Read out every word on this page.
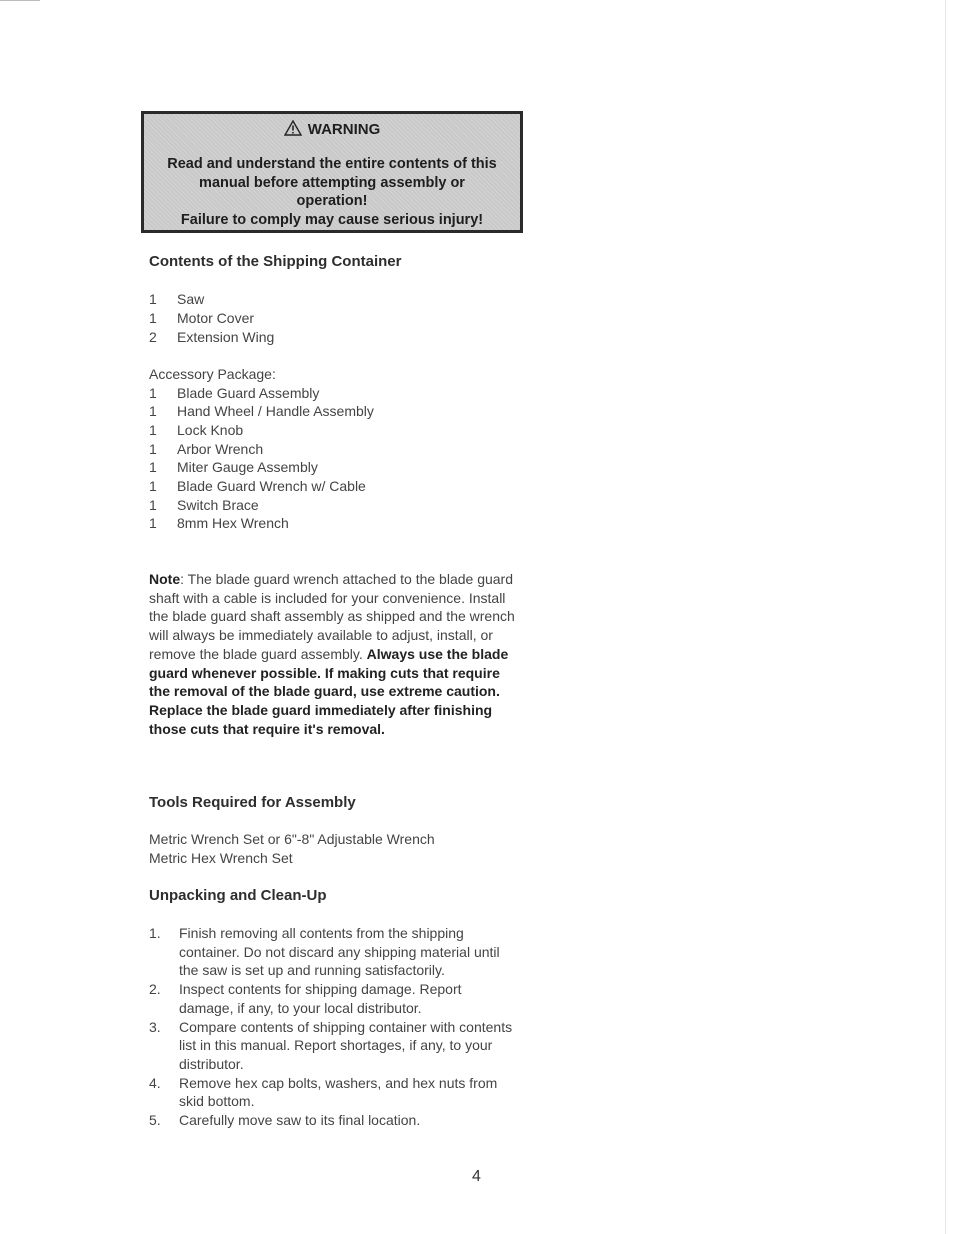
WARNING
Read and understand the entire contents of this
manual before attempting assembly or
operation!
Failure to comply may cause serious injury!
Contents of the Shipping Container
1 Saw
1 Motor Cover
2 Extension Wing
Accessory Package:
1 Blade Guard Assembly
1 Hand Wheel / Handle Assembly
1 Lock Knob
1 Arbor Wrench
1 Miter Gauge Assembly
1 Blade Guard Wrench w/ Cable
1 Switch Brace
1 8mm Hex Wrench
Note: The blade guard wrench attached to the blade guard shaft with a cable is included for your convenience. Install the blade guard shaft assembly as shipped and the wrench will always be immediately available to adjust, install, or remove the blade guard assembly. Always use the blade guard whenever possible. If making cuts that require the removal of the blade guard, use extreme caution. Replace the blade guard immediately after finishing those cuts that require it's removal.
Tools Required for Assembly
Metric Wrench Set or 6"-8" Adjustable Wrench
Metric Hex Wrench Set
Unpacking and Clean-Up
1.	Finish removing all contents from the shipping container. Do not discard any shipping material until the saw is set up and running satisfactorily.
2.	Inspect contents for shipping damage. Report damage, if any, to your local distributor.
3.	Compare contents of shipping container with contents list in this manual. Report shortages, if any, to your distributor.
4.	Remove hex cap bolts, washers, and hex nuts from skid bottom.
5.	Carefully move saw to its final location.
4
